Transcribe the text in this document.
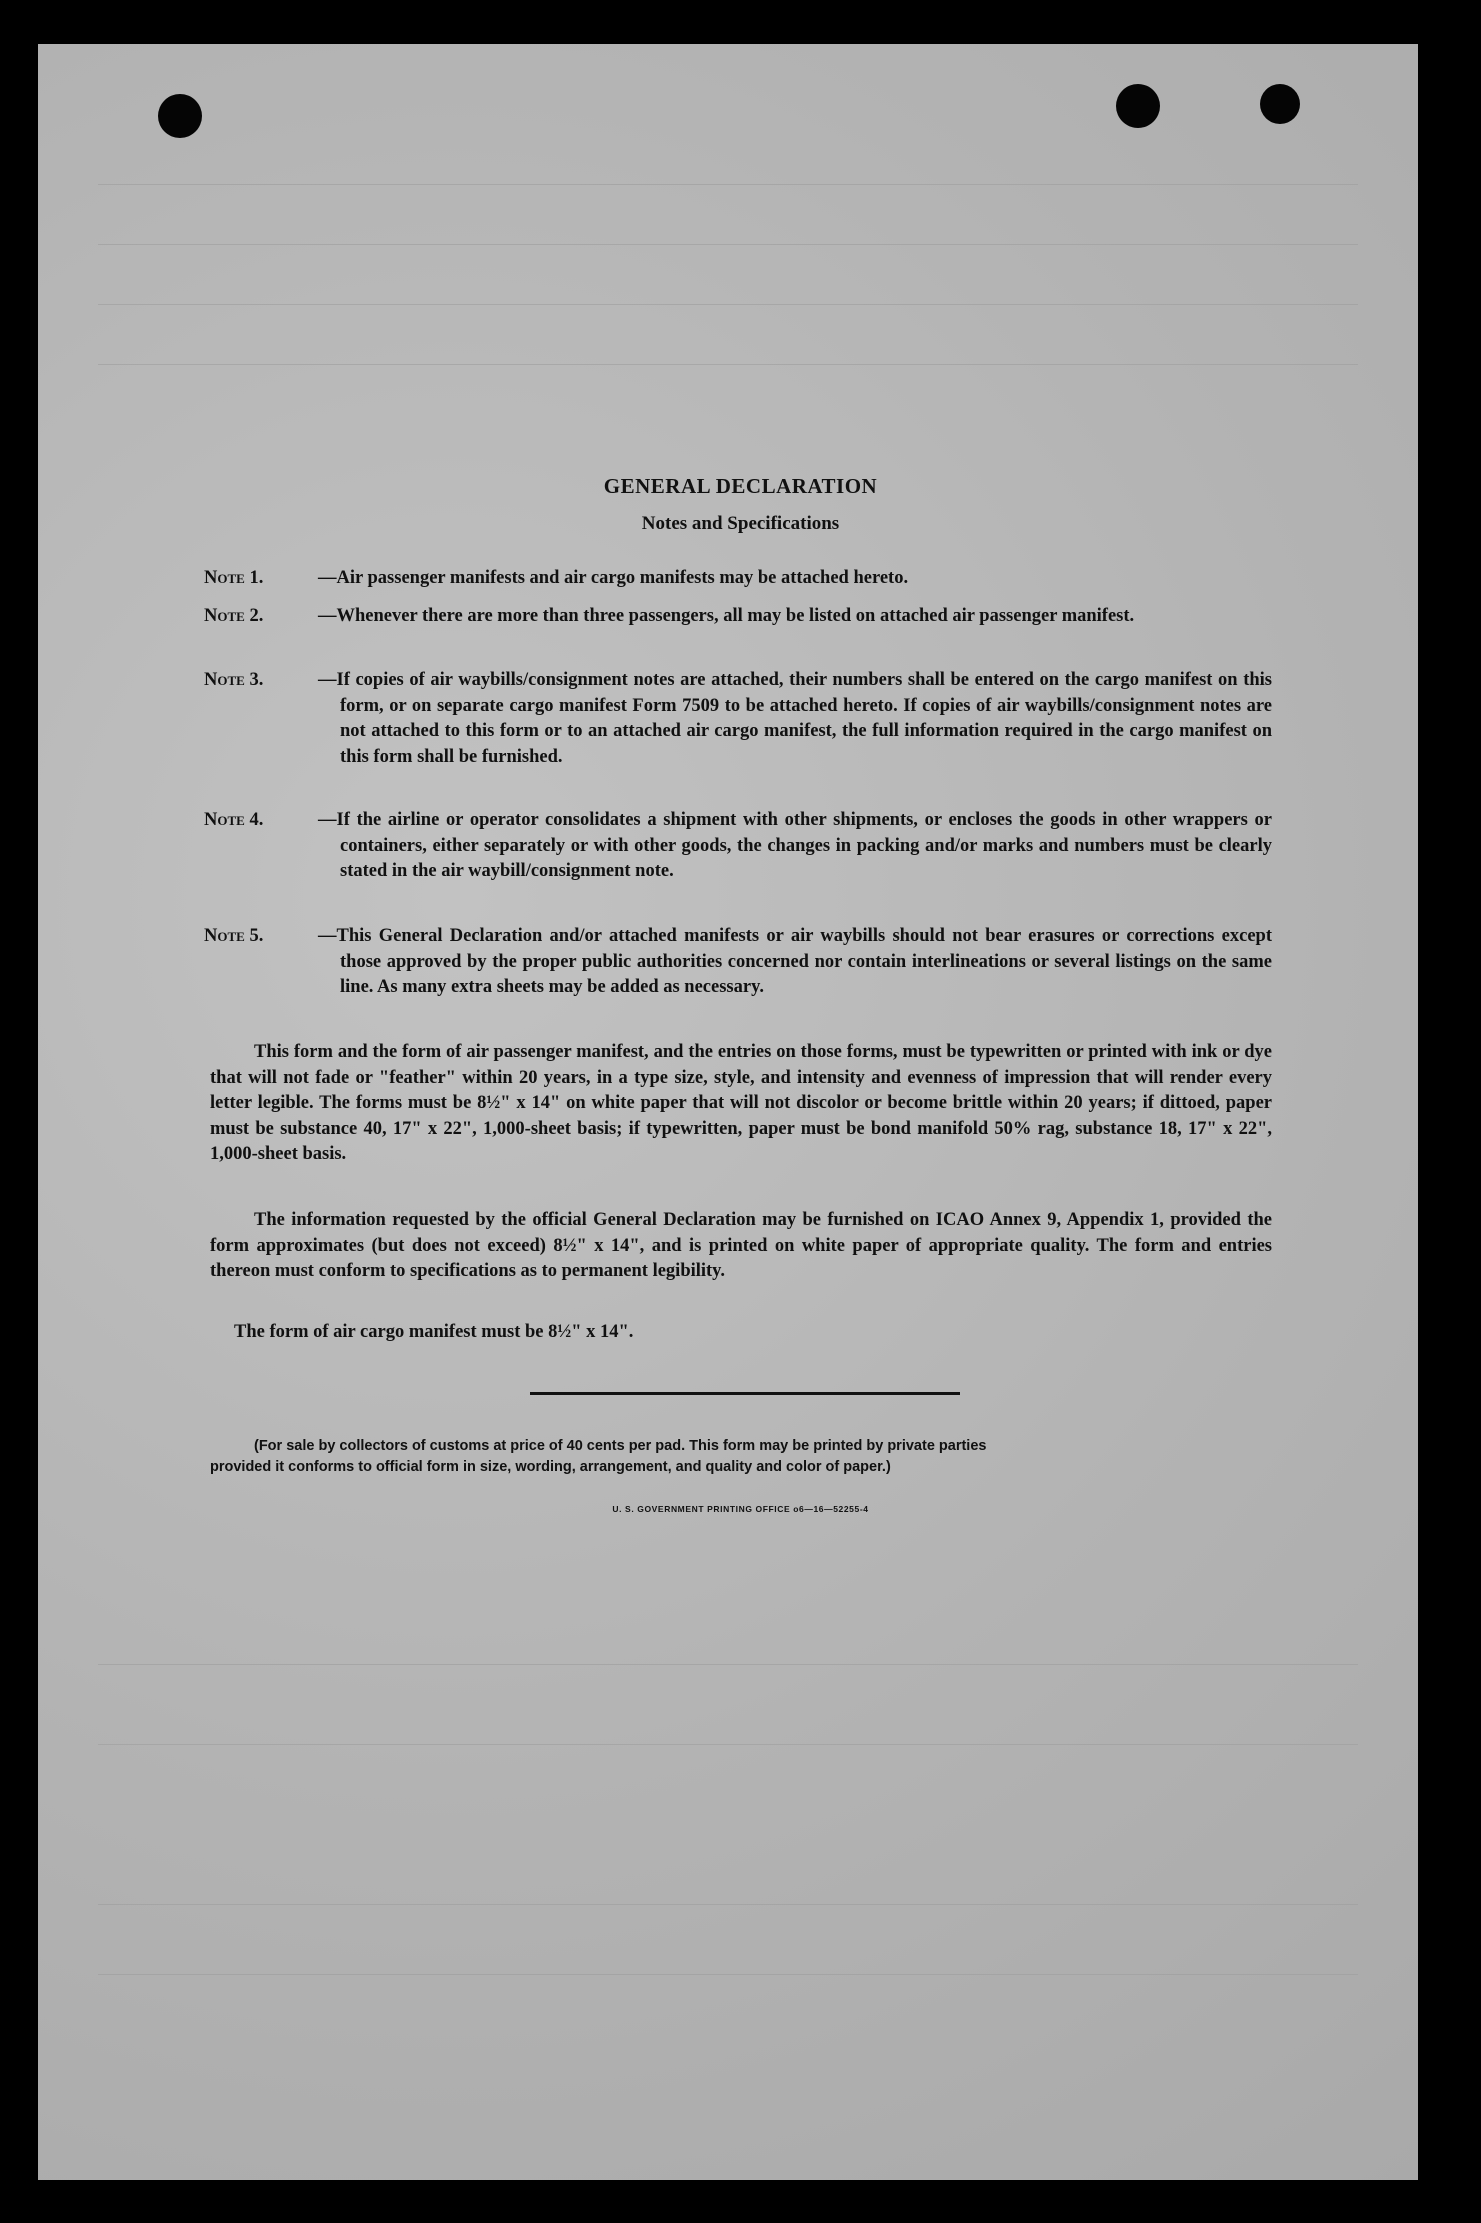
GENERAL DECLARATION
Notes and Specifications
Note 1.	—Air passenger manifests and air cargo manifests may be attached hereto.
Note 2.	—Whenever there are more than three passengers, all may be listed on attached air passenger manifest.
Note 3.	—If copies of air waybills/consignment notes are attached, their numbers shall be entered on the cargo manifest on this form, or on separate cargo manifest Form 7509 to be attached hereto. If copies of air waybills/consignment notes are not attached to this form or to an attached air cargo manifest, the full information required in the cargo manifest on this form shall be furnished.
Note 4.	—If the airline or operator consolidates a shipment with other shipments, or encloses the goods in other wrappers or containers, either separately or with other goods, the changes in packing and/or marks and numbers must be clearly stated in the air waybill/consignment note.
Note 5.	—This General Declaration and/or attached manifests or air waybills should not bear erasures or corrections except those approved by the proper public authorities concerned nor contain interlineations or several listings on the same line. As many extra sheets may be added as necessary.
This form and the form of air passenger manifest, and the entries on those forms, must be typewritten or printed with ink or dye that will not fade or "feather" within 20 years, in a type size, style, and intensity and evenness of impression that will render every letter legible. The forms must be 8½" x 14" on white paper that will not discolor or become brittle within 20 years; if dittoed, paper must be substance 40, 17" x 22", 1,000-sheet basis; if typewritten, paper must be bond manifold 50% rag, substance 18, 17" x 22", 1,000-sheet basis.
The information requested by the official General Declaration may be furnished on ICAO Annex 9, Appendix 1, provided the form approximates (but does not exceed) 8½" x 14", and is printed on white paper of appropriate quality. The form and entries thereon must conform to specifications as to permanent legibility.
The form of air cargo manifest must be 8½" x 14".
(For sale by collectors of customs at price of 40 cents per pad. This form may be printed by private parties
provided it conforms to official form in size, wording, arrangement, and quality and color of paper.)
U. S. GOVERNMENT PRINTING OFFICE o6—16—52255-4
